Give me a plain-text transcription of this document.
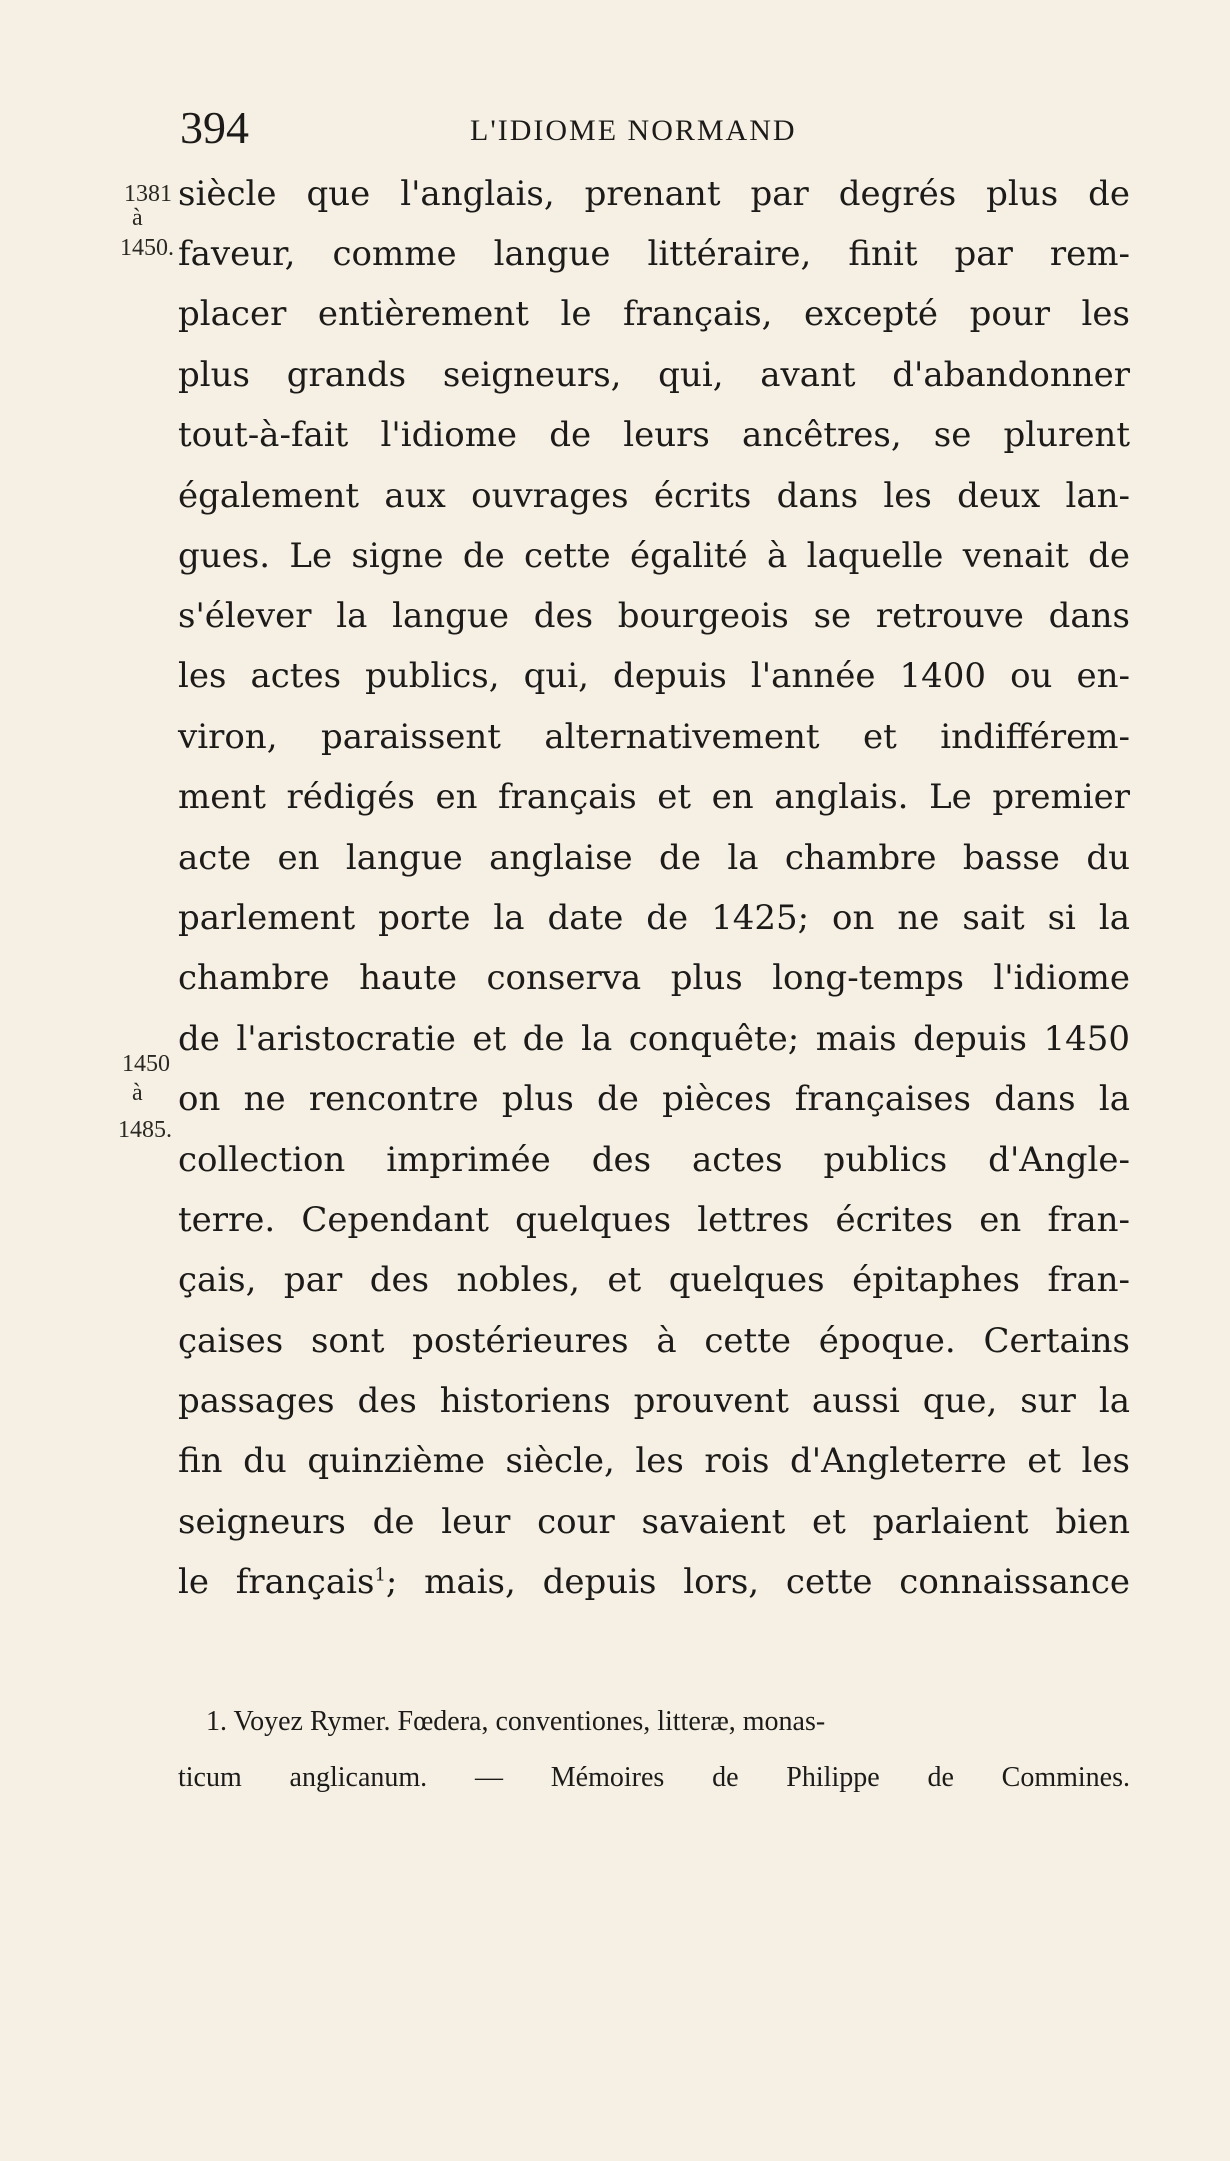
394	L'IDIOME NORMAND
1381
à
1450.
1450
à
1485.
siècle que l'anglais, prenant par degrés plus de
faveur, comme langue littéraire, finit par rem-
placer entièrement le français, excepté pour les
plus grands seigneurs, qui, avant d'abandonner
tout-à-fait l'idiome de leurs ancêtres, se plurent
également aux ouvrages écrits dans les deux lan-
gues. Le signe de cette égalité à laquelle venait de
s'élever la langue des bourgeois se retrouve dans
les actes publics, qui, depuis l'année 1400 ou en-
viron, paraissent alternativement et indifférem-
ment rédigés en français et en anglais. Le premier
acte en langue anglaise de la chambre basse du
parlement porte la date de 1425; on ne sait si la
chambre haute conserva plus long-temps l'idiome
de l'aristocratie et de la conquête; mais depuis 1450
on ne rencontre plus de pièces françaises dans la
collection imprimée des actes publics d'Angle-
terre. Cependant quelques lettres écrites en fran-
çais, par des nobles, et quelques épitaphes fran-
çaises sont postérieures à cette époque. Certains
passages des historiens prouvent aussi que, sur la
fin du quinzième siècle, les rois d'Angleterre et les
seigneurs de leur cour savaient et parlaient bien
le français$^1$; mais, depuis lors, cette connaissance
1. Voyez Rymer. Fœdera, conventiones, litteræ, monas-
ticum anglicanum. — Mémoires de Philippe de Commines.
